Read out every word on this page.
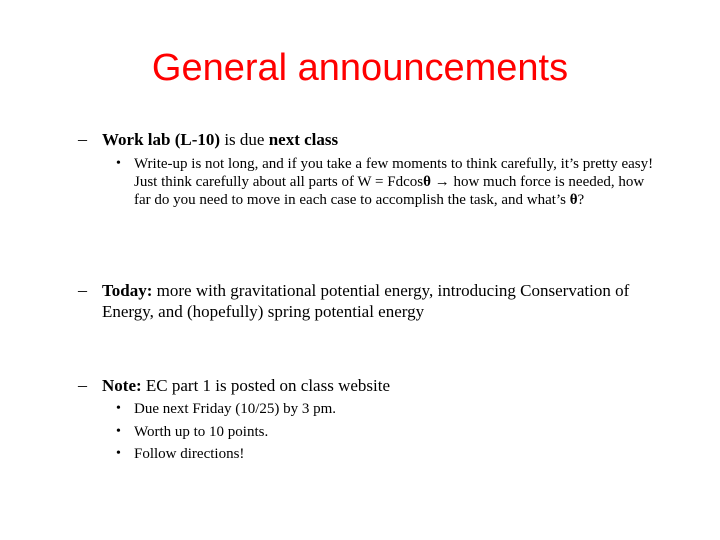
General announcements
– Work lab (L-10) is due next class
• Write-up is not long, and if you take a few moments to think carefully, it’s pretty easy! Just think carefully about all parts of W = Fdcosθ → how much force is needed, how far do you need to move in each case to accomplish the task, and what’s θ?
– Today: more with gravitational potential energy, introducing Conservation of Energy, and (hopefully) spring potential energy
– Note: EC part 1 is posted on class website
• Due next Friday (10/25) by 3 pm.
• Worth up to 10 points.
• Follow directions!
